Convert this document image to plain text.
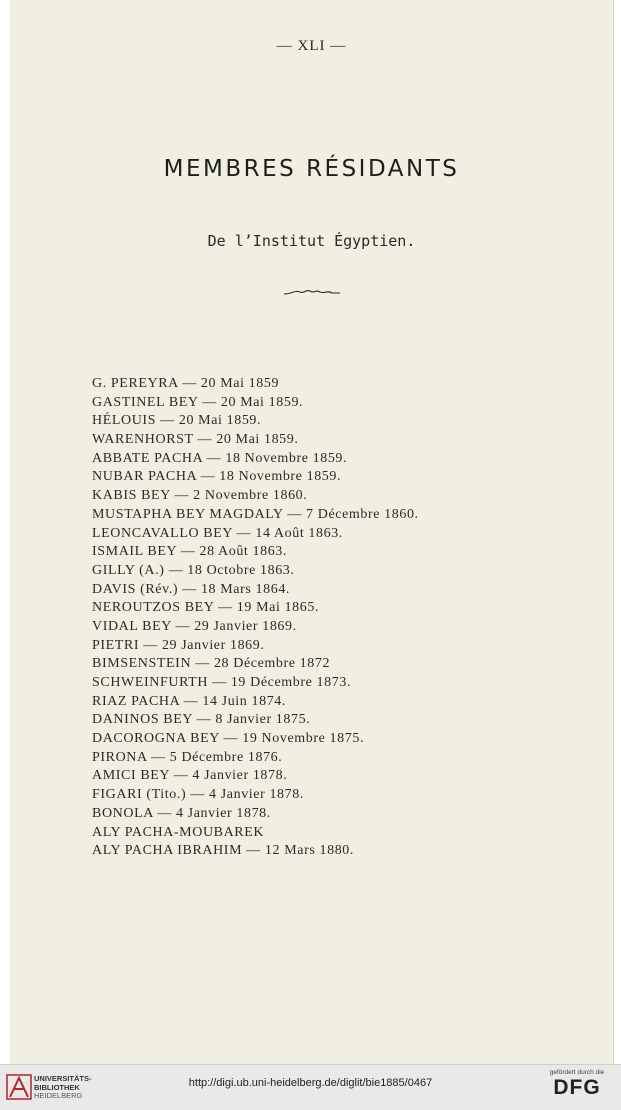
— XLI —
MEMBRES RÉSIDANTS
De l’Institut Égyptien.
G. PEREYRA — 20 Mai 1859
GASTINEL BEY — 20 Mai 1859.
HÉLOUIS — 20 Mai 1859.
WARENHORST — 20 Mai 1859.
ABBATE PACHA — 18 Novembre 1859.
NUBAR PACHA — 18 Novembre 1859.
KABIS BEY — 2 Novembre 1860.
MUSTAPHA BEY MAGDALY — 7 Décembre 1860.
LEONCAVALLO BEY — 14 Août 1863.
ISMAIL BEY — 28 Août 1863.
GILLY (A.) — 18 Octobre 1863.
DAVIS (Rév.) — 18 Mars 1864.
NEROUTZOS BEY — 19 Mai 1865.
VIDAL BEY — 29 Janvier 1869.
PIETRI — 29 Janvier 1869.
BIMSENSTEIN — 28 Décembre 1872
SCHWEINFURTH — 19 Décembre 1873.
RIAZ PACHA — 14 Juin 1874.
DANINOS BEY — 8 Janvier 1875.
DACOROGNA BEY — 19 Novembre 1875.
PIRONA — 5 Décembre 1876.
AMICI BEY — 4 Janvier 1878.
FIGARI (Tito.) — 4 Janvier 1878.
BONOLA — 4 Janvier 1878.
ALY PACHA-MOUBAREK
ALY PACHA IBRAHIM — 12 Mars 1880.
UNIVERSITÄTS-
BIBLIOTHEK
HEIDELBERG
http://digi.ub.uni-heidelberg.de/diglit/bie1885/0467
gefördert durch die
DFG
